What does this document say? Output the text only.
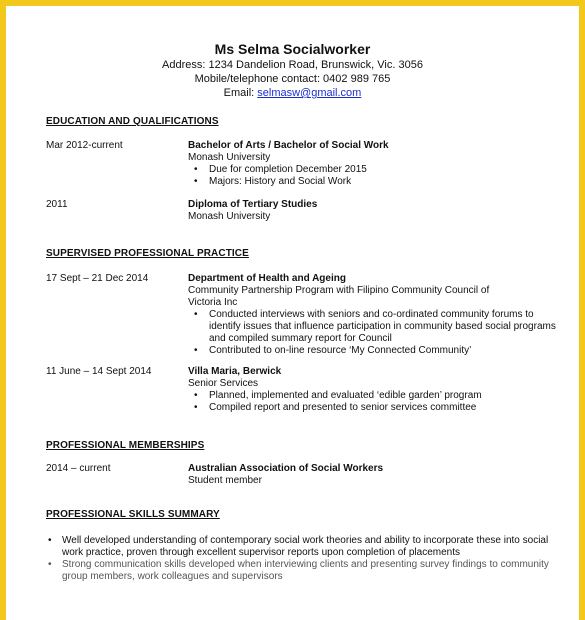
Ms Selma Socialworker
Address: 1234 Dandelion Road, Brunswick, Vic. 3056
Mobile/telephone contact: 0402 989 765
Email: selmasw@gmail.com
EDUCATION AND QUALIFICATIONS
Mar 2012-current	Bachelor of Arts / Bachelor of Social Work
Monash University
• Due for completion December 2015
• Majors: History and Social Work
2011	Diploma of Tertiary Studies
Monash University
SUPERVISED PROFESSIONAL PRACTICE
17 Sept – 21 Dec 2014	Department of Health and Ageing
Community Partnership Program with Filipino Community Council of
Victoria Inc
• Conducted interviews with seniors and co-ordinated community forums to identify issues that influence participation in community based social programs and compiled summary report for Council
• Contributed to on-line resource ‘My Connected Community’
11 June – 14 Sept 2014	Villa Maria, Berwick
Senior Services
• Planned, implemented and evaluated ‘edible garden’ program
• Compiled report and presented to senior services committee
PROFESSIONAL MEMBERSHIPS
2014 – current	Australian Association of Social Workers
Student member
PROFESSIONAL SKILLS SUMMARY
• Well developed understanding of contemporary social work theories and ability to incorporate these into social work practice, proven through excellent supervisor reports upon completion of placements
• Strong communication skills developed when interviewing clients and presenting survey findings to community group members, work colleagues and supervisors
